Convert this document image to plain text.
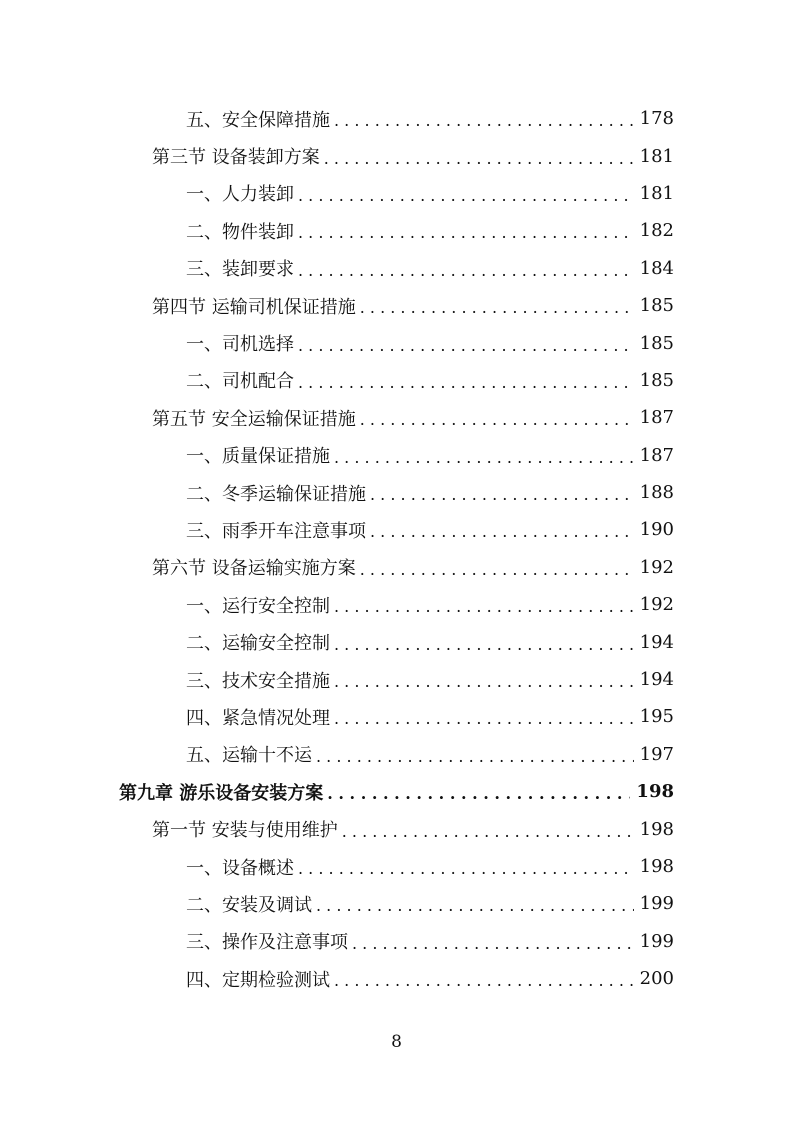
五、安全保障措施 . . .	178
第三节 设备装卸方案 . . .	181
一、人力装卸 . . .	181
二、物件装卸 . . .	182
三、装卸要求 . . .	184
第四节 运输司机保证措施 . . .	185
一、司机选择 . . .	185
二、司机配合 . . .	185
第五节 安全运输保证措施 . . .	187
一、质量保证措施 . . .	187
二、冬季运输保证措施 . . .	188
三、雨季开车注意事项 . . .	190
第六节 设备运输实施方案 . . .	192
一、运行安全控制 . . .	192
二、运输安全控制 . . .	194
三、技术安全措施 . . .	194
四、紧急情况处理 . . .	195
五、运输十不运 . . .	197
第九章 游乐设备安装方案 . . .	198
第一节 安装与使用维护 . . .	198
一、设备概述 . . .	198
二、安装及调试 . . .	199
三、操作及注意事项 . . .	199
四、定期检验测试 . . .	200
8
